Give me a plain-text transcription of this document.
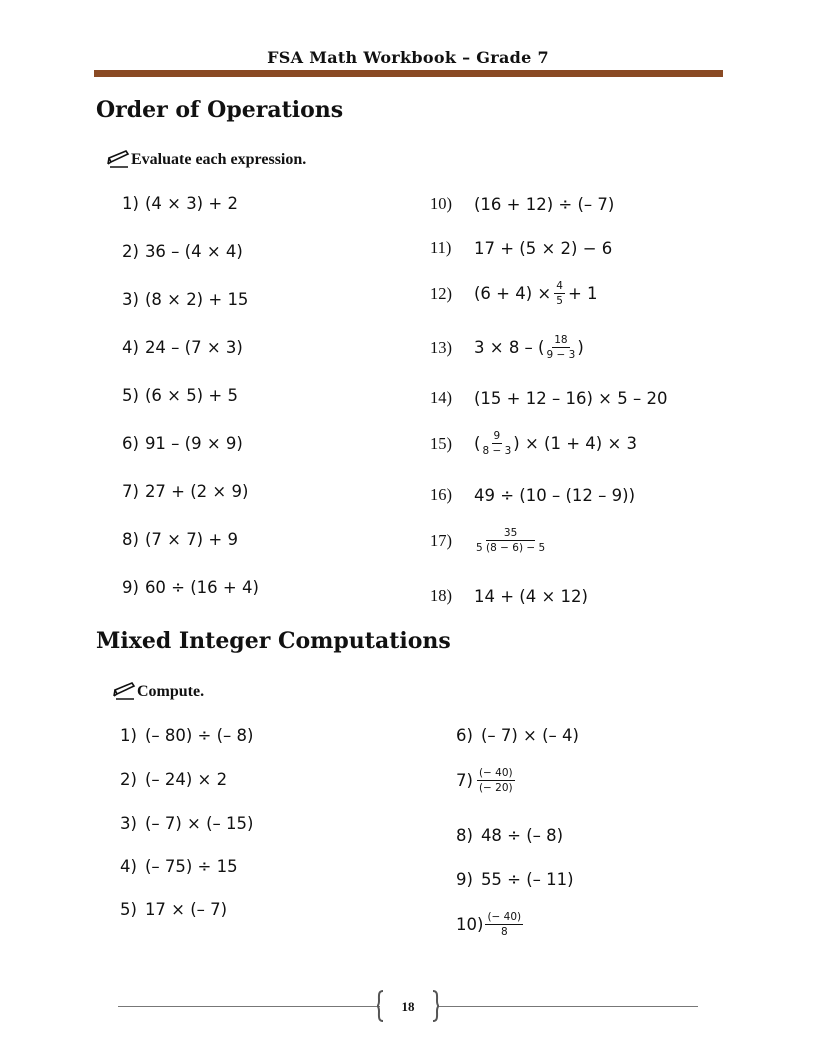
FSA Math Workbook – Grade 7
Order of Operations
Evaluate each expression.
1) (4 × 3) + 2
2) 36 – (4 × 4)
3) (8 × 2) + 15
4) 24 – (7 × 3)
5) (6 × 5) + 5
6) 91 – (9 × 9)
7) 27 + (2 × 9)
8) (7 × 7) + 9
9) 60 ÷ (16 + 4)
10)	(16 + 12) ÷ (– 7)
11)	17 + (5 × 2) − 6
12)	$(6 + 4) \times \frac{4}{5} + 1$
13)	3 × 8 – ( $\frac{18}{9 - 3}$ )
14)	(15 + 12 – 16) × 5 – 20
15)	( $\frac{9}{8 - 3}$ ) × (1 + 4) × 3
16)	49 ÷ (10 – (12 – 9))
17)	$\frac{35}{5 (8 - 6) - 5}$
18)	14 + (4 × 12)
Mixed Integer Computations
Compute.
1) (– 80) ÷ (– 8)
2) (– 24) × 2
3) (– 7) × (– 15)
4) (– 75) ÷ 15
5) 17 × (– 7)
6) (– 7) × (– 4)
$7) \frac{(- 40)}{(- 20)}$
8) 48 ÷ (– 8)
9) 55 ÷ (– 11)
$10) \frac{(- 40)}{8}$
18
